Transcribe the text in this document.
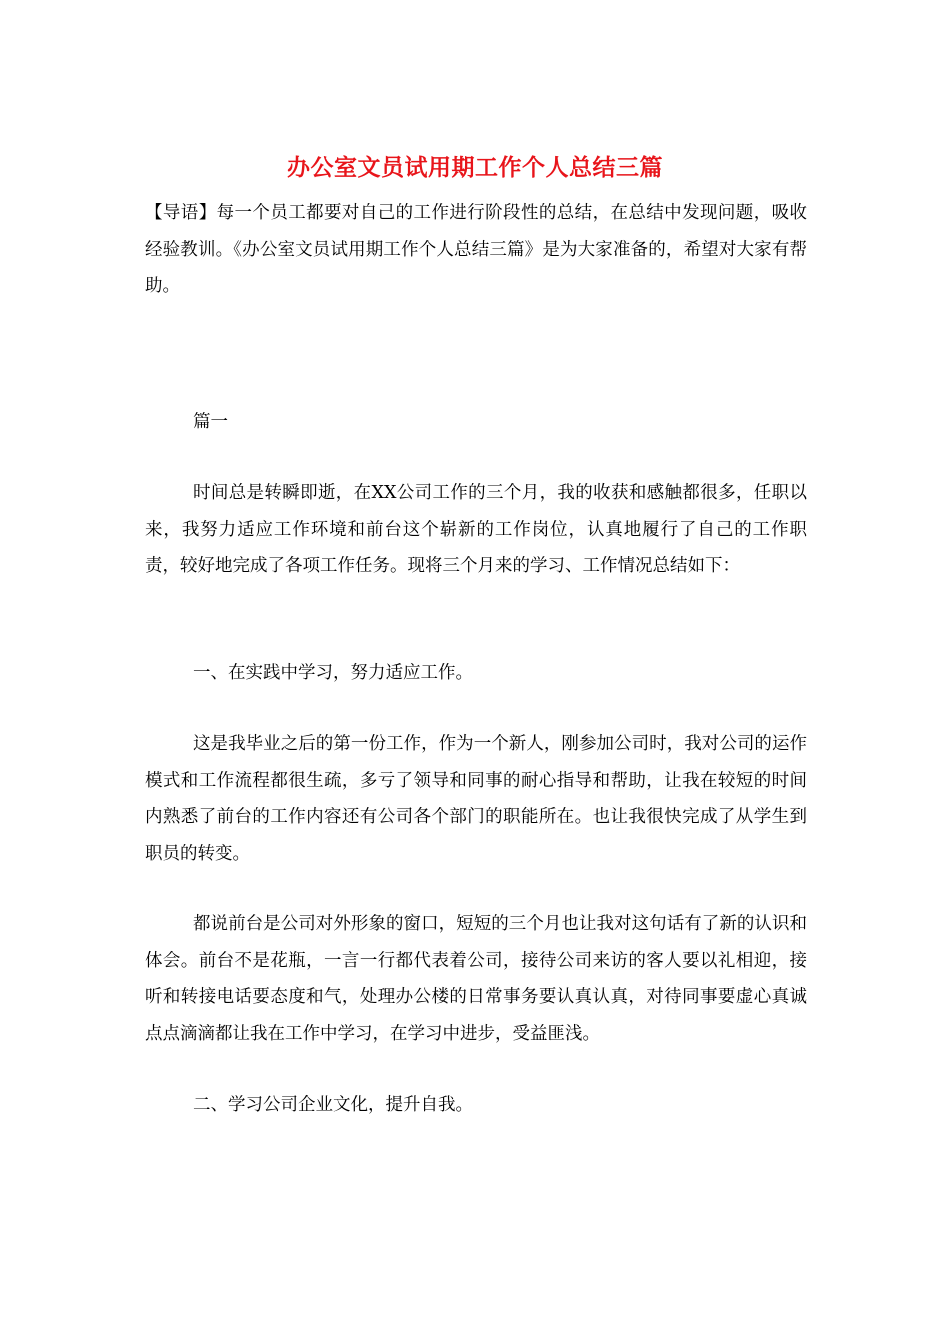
办公室文员试用期工作个人总结三篇

【导语】每一个员工都要对自己的工作进行阶段性的总结，在总结中发现问题，吸收经验教训。《办公室文员试用期工作个人总结三篇》是为大家准备的，希望对大家有帮助。

篇一

时间总是转瞬即逝，在XX公司工作的三个月，我的收获和感触都很多，任职以来，我努力适应工作环境和前台这个崭新的工作岗位，认真地履行了自己的工作职责，较好地完成了各项工作任务。现将三个月来的学习、工作情况总结如下：

一、在实践中学习，努力适应工作。

这是我毕业之后的第一份工作，作为一个新人，刚参加公司时，我对公司的运作模式和工作流程都很生疏，多亏了领导和同事的耐心指导和帮助，让我在较短的时间内熟悉了前台的工作内容还有公司各个部门的职能所在。也让我很快完成了从学生到职员的转变。

都说前台是公司对外形象的窗口，短短的三个月也让我对这句话有了新的认识和体会。前台不是花瓶，一言一行都代表着公司，接待公司来访的客人要以礼相迎，接听和转接电话要态度和气，处理办公楼的日常事务要认真认真，对待同事要虚心真诚点点滴滴都让我在工作中学习，在学习中进步，受益匪浅。

二、学习公司企业文化，提升自我。
